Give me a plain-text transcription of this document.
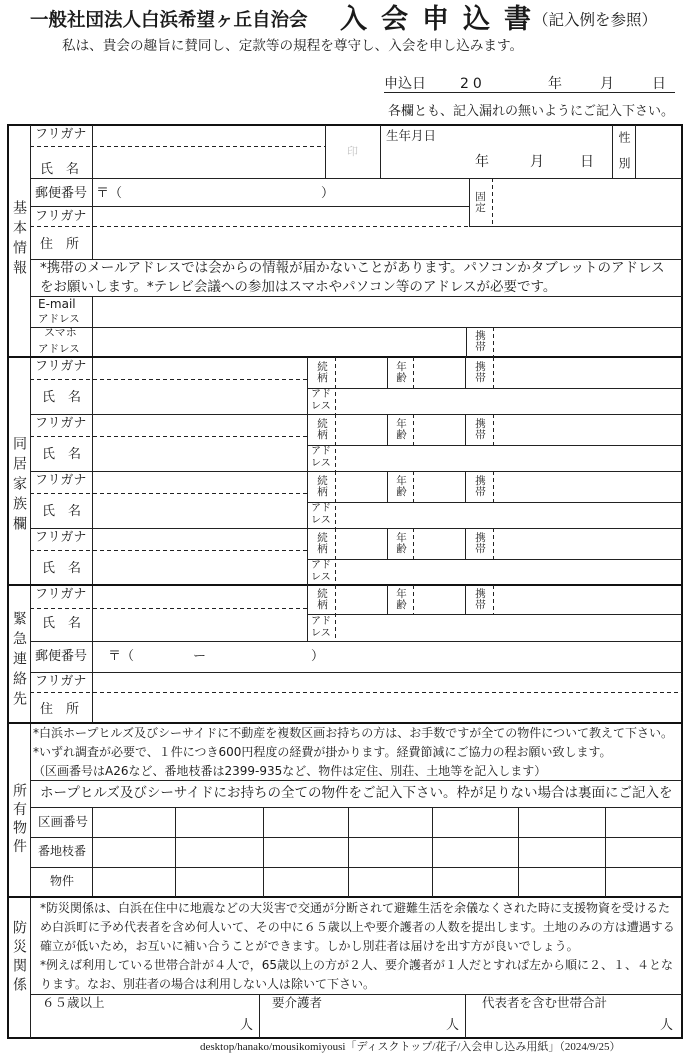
一般社団法人白浜希望ヶ丘自治会 入会申込書
（記入例を参照）
私は、貴会の趣旨に賛同し、定款等の規程を尊守し、入会を申し込みます。
申込日 20	年	月	日
各欄とも、記入漏れの無いようにご記入下さい。
基本情報
フリガナ
氏　名
印
生年月日
年	月	日 性別
郵便番号 〒（	）	固定
フリガナ
住　所
*携帯のメールアドレスでは会からの情報が届かないことがあります。パソコンかタブレットのアドレス
をお願いします。*テレビ会議への参加はスマホやパソコン等のアドレスが必要です。
E-mail
アドレス
スマホ
アドレス	携帯
同居家族欄
フリガナ
氏　名
続柄	年齢	携帯
アドレス
フリガナ
氏　名
続柄	年齢	携帯
アドレス
フリガナ
氏　名
続柄	年齢	携帯
アドレス
フリガナ
氏　名
続柄	年齢	携帯
アドレス
緊急連絡先
フリガナ
氏　名
続柄	年齢	携帯
アドレス
郵便番号 〒（	ー	）
フリガナ
住　所
所有物件
*白浜ホープヒルズ及びシーサイドに不動産を複数区画お持ちの方は、お手数ですが全ての物件について教えて下さい。
*いずれ調査が必要で、１件につき600円程度の経費が掛かります。経費節減にご協力の程お願い致します。
（区画番号はA26など、番地枝番は2399-935など、物件は定住、別荘、土地等を記入します）
ホープヒルズ及びシーサイドにお持ちの全ての物件をご記入下さい。枠が足りない場合は裏面にご記入を
区画番号
番地枝番
物件
防災関係
*防災関係は、白浜在住中に地震などの大災害で交通が分断されて避難生活を余儀なくされた時に支援物資を受けるた
め白浜町に予め代表者を含め何人いて、その中に６５歳以上や要介護者の人数を提出します。土地のみの方は遭遇する
確立が低いため，お互いに補い合うことができます。しかし別荘者は届けを出す方が良いでしょう。
*例えば利用している世帯合計が４人で，65歳以上の方が２人、要介護者が１人だとすれば左から順に２、１、４とな
ります。なお、別荘者の場合は利用しない人は除いて下さい。
６５歳以上
人
要介護者
人
代表者を含む世帯合計
人
desktop/hanako/mousikomiyousi「ディスクトップ/花子/入会申し込み用紙」（2024/9/25）
